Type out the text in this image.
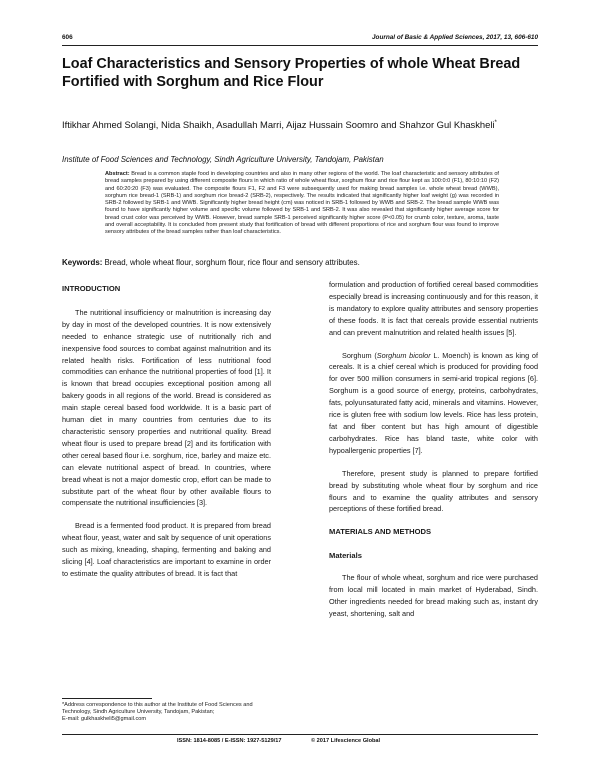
606	Journal of Basic & Applied Sciences, 2017, 13, 606-610
Loaf Characteristics and Sensory Properties of whole Wheat Bread Fortified with Sorghum and Rice Flour
Iftikhar Ahmed Solangi, Nida Shaikh, Asadullah Marri, Aijaz Hussain Soomro and Shahzor Gul Khaskheli*
Institute of Food Sciences and Technology, Sindh Agriculture University, Tandojam, Pakistan
Abstract: Bread is a common staple food in developing countries and also in many other regions of the world. The loaf characteristic and sensory attributes of bread samples prepared by using different composite flours in which ratio of whole wheat flour, sorghum flour and rice flour kept as 100:0:0 (F1), 80:10:10 (F2) and 60:20:20 (F3) was evaluated. The composite flours F1, F2 and F3 were subsequently used for making bread samples i.e. whole wheat bread (WWB), sorghum rice bread-1 (SRB-1) and sorghum rice bread-2 (SRB-2), respectively. The results indicated that significantly higher loaf weight (g) was recorded in SRB-2 followed by SRB-1 and WWB. Significantly higher bread height (cm) was noticed in SRB-1 followed by WWB and SRB-2. The bread sample WWB was found to have significantly higher volume and specific volume followed by SRB-1 and SRB-2. It was also revealed that significantly higher average score for bread crust color was perceived by WWB. However, bread sample SRB-1 perceived significantly higher score (P<0.05) for crumb color, texture, aroma, taste and overall acceptability. It is concluded from present study that fortification of bread with different proportions of rice and sorghum flour was found to improve sensory attributes of the bread samples rather than loaf characteristics.
Keywords: Bread, whole wheat flour, sorghum flour, rice flour and sensory attributes.
INTRODUCTION
The nutritional insufficiency or malnutrition is increasing day by day in most of the developed countries. It is now extensively needed to enhance strategic use of nutritionally rich and inexpensive food sources to combat against malnutrition and its related health risks. Fortification of less nutritional food commodities can enhance the nutritional properties of food [1]. It is known that bread occupies exceptional position among all bakery goods in all regions of the world. Bread is considered as main staple cereal based food worldwide. It is a basic part of human diet in many countries from centuries due to its characteristic sensory properties and nutritional quality. Bread wheat flour is used to prepare bread [2] and its fortification with other cereal based flour i.e. sorghum, rice, barley and maize etc. can elevate nutritional aspect of bread. In countries, where bread wheat is not a major domestic crop, effort can be made to substitute part of the wheat flour by other available flours to compensate the nutritional insufficiencies [3].
Bread is a fermented food product. It is prepared from bread wheat flour, yeast, water and salt by sequence of unit operations such as mixing, kneading, shaping, fermenting and baking and slicing [4]. Loaf characteristics are important to examine in order to estimate the quality attributes of bread. It is fact that
formulation and production of fortified cereal based commodities especially bread is increasing continuously and for this reason, it is mandatory to explore quality attributes and sensory properties of these foods. It is fact that cereals provide essential nutrients and can prevent malnutrition and related health issues [5].
Sorghum (Sorghum bicolor L. Moench) is known as king of cereals. It is a chief cereal which is produced for providing food for over 500 million consumers in semi-arid tropical regions [6]. Sorghum is a good source of energy, proteins, carbohydrates, fats, polyunsaturated fatty acid, minerals and vitamins. However, rice is gluten free with sodium low levels. Rice has less protein, fat and fiber content but has high amount of digestible carbohydrates. Rice has bland taste, white color with hypoallergenic properties [7].
Therefore, present study is planned to prepare fortified bread by substituting whole wheat flour by sorghum and rice flours and to examine the quality attributes and sensory perceptions of these fortified bread.
MATERIALS AND METHODS
Materials
The flour of whole wheat, sorghum and rice were purchased from local mill located in main market of Hyderabad, Sindh. Other ingredients needed for bread making such as, instant dry yeast, shortening, salt and
*Address correspondence to this author at the Institute of Food Sciences and Technology, Sindh Agriculture University, Tandojam, Pakistan;
E-mail: gulkhaskheli5@gmail.com
ISSN: 1814-8085 / E-ISSN: 1927-5129/17	© 2017 Lifescience Global
